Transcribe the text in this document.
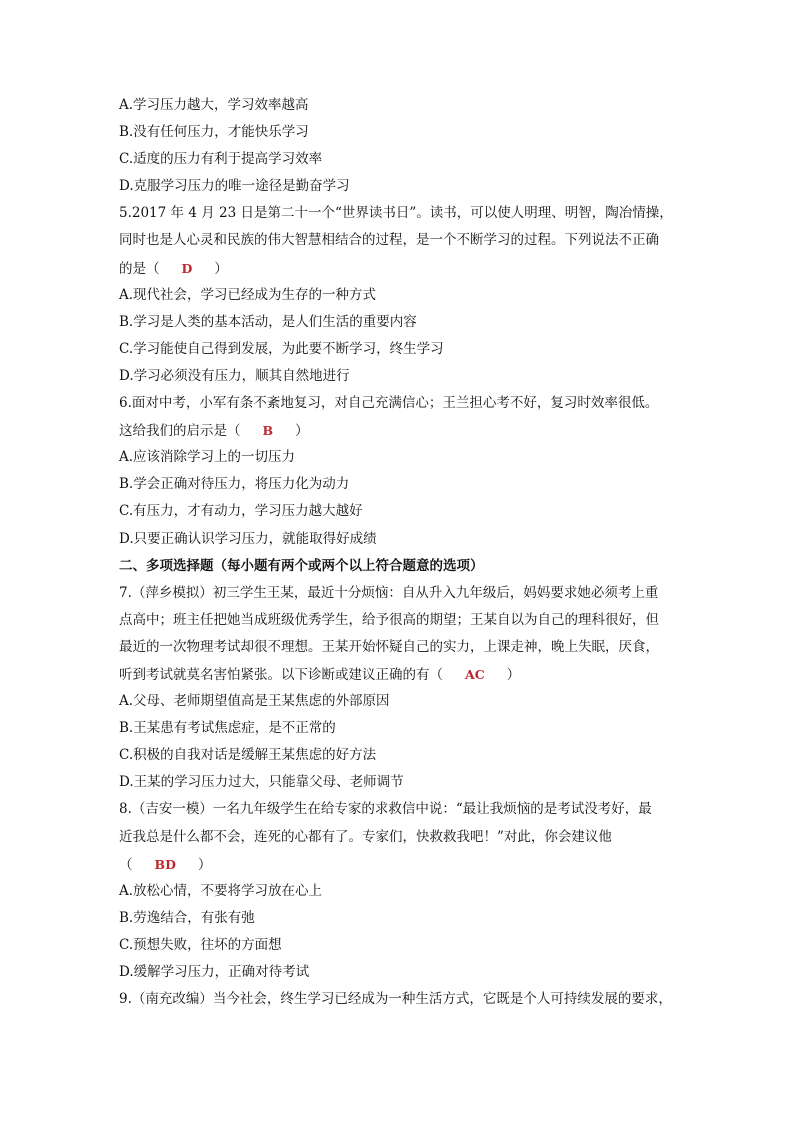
A.学习压力越大，学习效率越高
B.没有任何压力，才能快乐学习
C.适度的压力有利于提高学习效率
D.克服学习压力的唯一途径是勤奋学习
5.2017 年 4 月 23 日是第二十一个“世界读书日”。读书，可以使人明理、明智，陶冶情操，
同时也是人心灵和民族的伟大智慧相结合的过程，是一个不断学习的过程。下列说法不正确
的是（ D ）
A.现代社会，学习已经成为生存的一种方式
B.学习是人类的基本活动，是人们生活的重要内容
C.学习能使自己得到发展，为此要不断学习，终生学习
D.学习必须没有压力，顺其自然地进行
6.面对中考，小军有条不紊地复习，对自己充满信心；王兰担心考不好，复习时效率很低。
这给我们的启示是（ B ）
A.应该消除学习上的一切压力
B.学会正确对待压力，将压力化为动力
C.有压力，才有动力，学习压力越大越好
D.只要正确认识学习压力，就能取得好成绩
二、多项选择题（每小题有两个或两个以上符合题意的选项）
7.（萍乡模拟）初三学生王某，最近十分烦恼：自从升入九年级后，妈妈要求她必须考上重
点高中；班主任把她当成班级优秀学生，给予很高的期望；王某自以为自己的理科很好，但
最近的一次物理考试却很不理想。王某开始怀疑自己的实力，上课走神，晚上失眠，厌食，
听到考试就莫名害怕紧张。以下诊断或建议正确的有（ AC ）
A.父母、老师期望值高是王某焦虑的外部原因
B.王某患有考试焦虑症，是不正常的
C.积极的自我对话是缓解王某焦虑的好方法
D.王某的学习压力过大，只能靠父母、老师调节
8.（吉安一模）一名九年级学生在给专家的求救信中说：“最让我烦恼的是考试没考好，最
近我总是什么都不会，连死的心都有了。专家们，快救救我吧！”对此，你会建议他
（ BD ）
A.放松心情，不要将学习放在心上
B.劳逸结合，有张有弛
C.预想失败，往坏的方面想
D.缓解学习压力，正确对待考试
9.（南充改编）当今社会，终生学习已经成为一种生活方式，它既是个人可持续发展的要求，
